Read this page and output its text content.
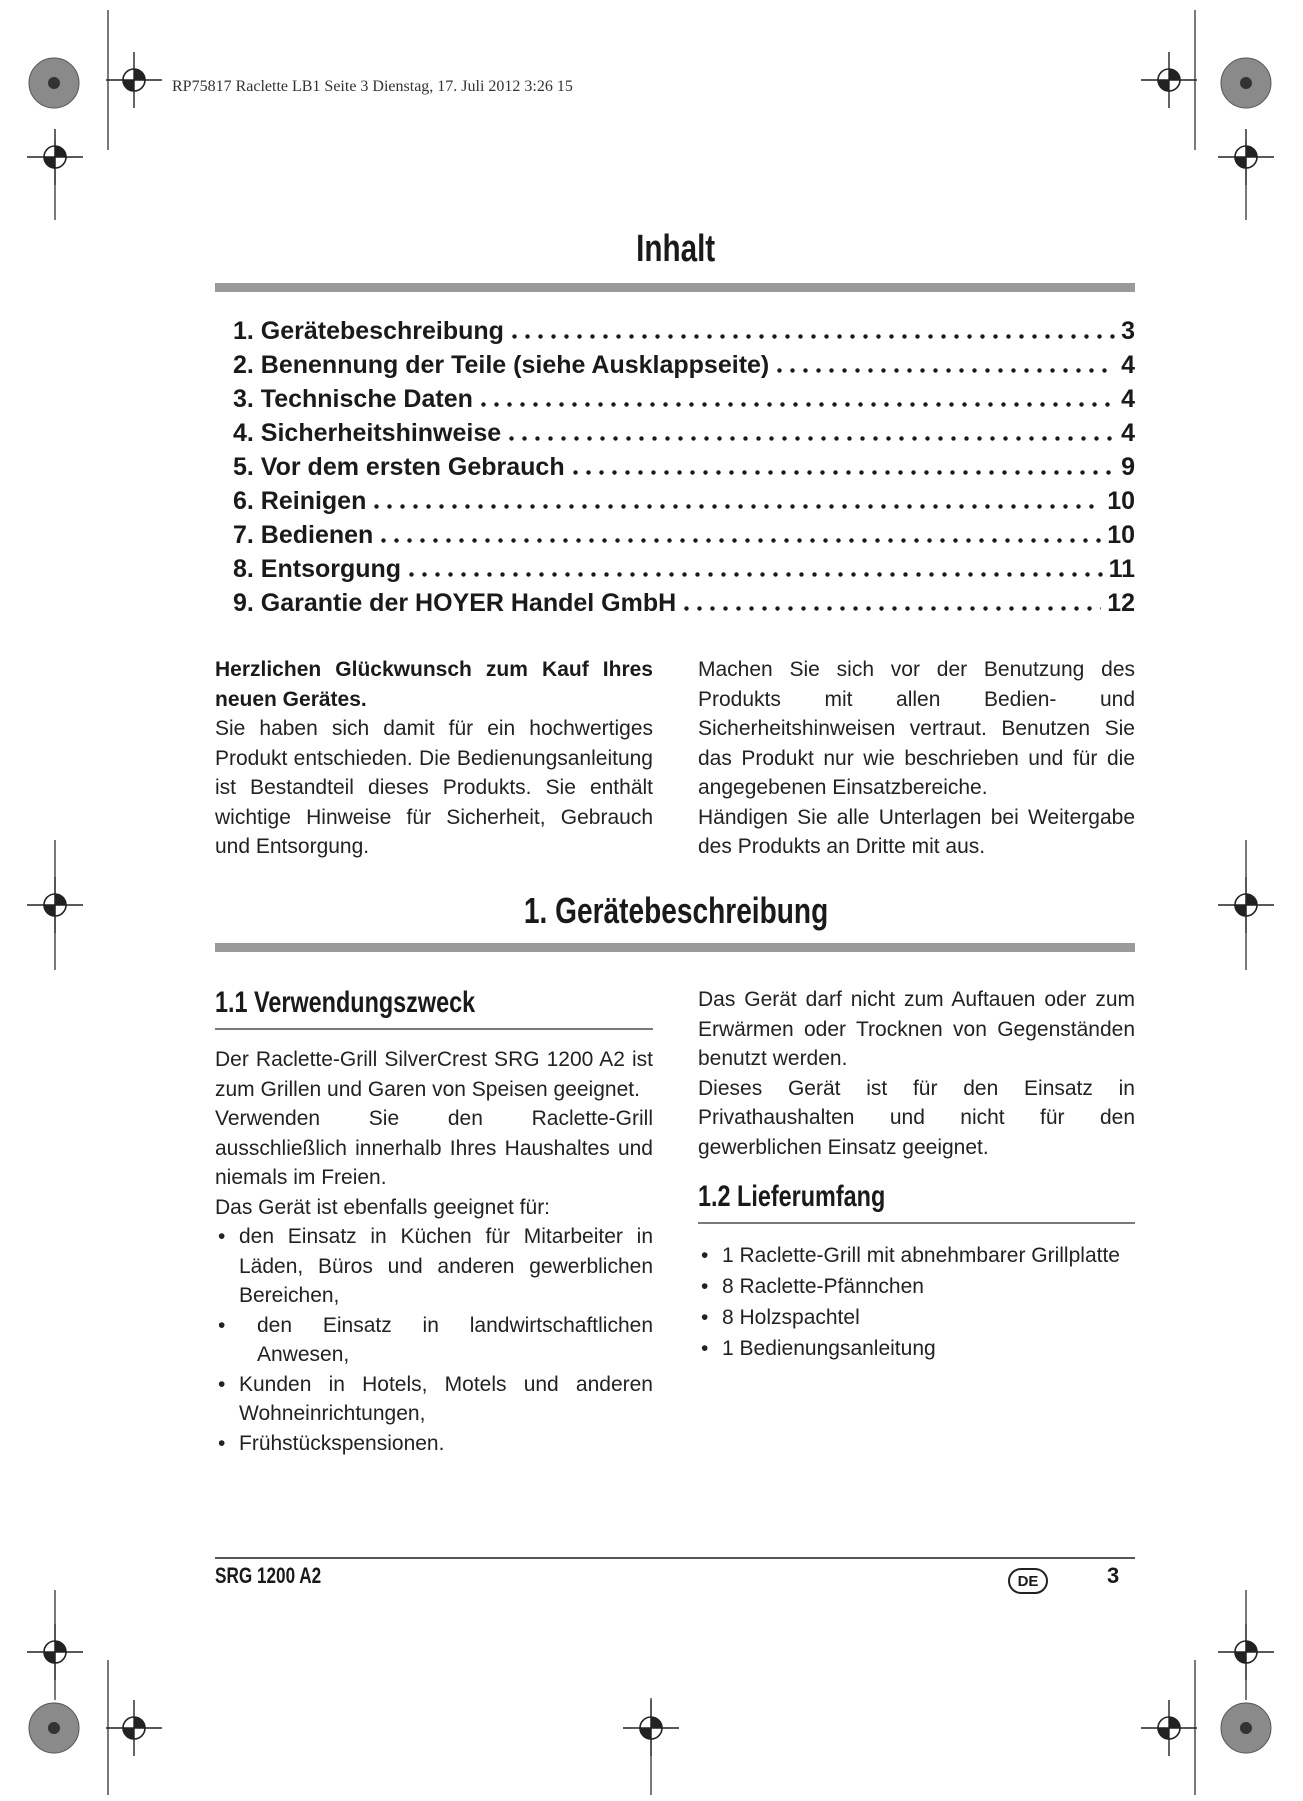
RP75817 Raclette LB1 Seite 3 Dienstag, 17. Juli 2012 3:26 15
Inhalt
1. Gerätebeschreibung	3
2. Benennung der Teile (siehe Ausklappseite)	4
3. Technische Daten	4
4. Sicherheitshinweise	4
5. Vor dem ersten Gebrauch	9
6. Reinigen	10
7. Bedienen	10
8. Entsorgung	11
9. Garantie der HOYER Handel GmbH	12

Herzlichen Glückwunsch zum Kauf Ihres neuen Gerätes.

Sie haben sich damit für ein hochwertiges Produkt entschieden. Die Bedienungsanleitung ist Bestandteil dieses Produkts. Sie enthält wichtige Hinweise für Sicherheit, Gebrauch und Entsorgung.

Machen Sie sich vor der Benutzung des Produkts mit allen Bedien- und Sicherheitshinweisen vertraut. Benutzen Sie das Produkt nur wie beschrieben und für die angegebenen Einsatzbereiche.

Händigen Sie alle Unterlagen bei Weitergabe des Produkts an Dritte mit aus.

1. Gerätebeschreibung
1.1 Verwendungszweck

Der Raclette-Grill SilverCrest SRG 1200 A2 ist zum Grillen und Garen von Speisen geeignet.

Verwenden Sie den Raclette-Grill ausschließlich innerhalb Ihres Haushaltes und niemals im Freien.

Das Gerät ist ebenfalls geeignet für:

• den Einsatz in Küchen für Mitarbeiter in Läden, Büros und anderen gewerblichen Bereichen,
• den Einsatz in landwirtschaftlichen Anwesen,
• Kunden in Hotels, Motels und anderen Wohneinrichtungen,
• Frühstückspensionen.

Das Gerät darf nicht zum Auftauen oder zum Erwärmen oder Trocknen von Gegenständen benutzt werden.

Dieses Gerät ist für den Einsatz in Privathaushalten und nicht für den gewerblichen Einsatz geeignet.

1.2 Lieferumfang
• 1 Raclette-Grill mit abnehmbarer Grillplatte
• 8 Raclette-Pfännchen
• 8 Holzspachtel
• 1 Bedienungsanleitung
SRG 1200 A2	DE	3
